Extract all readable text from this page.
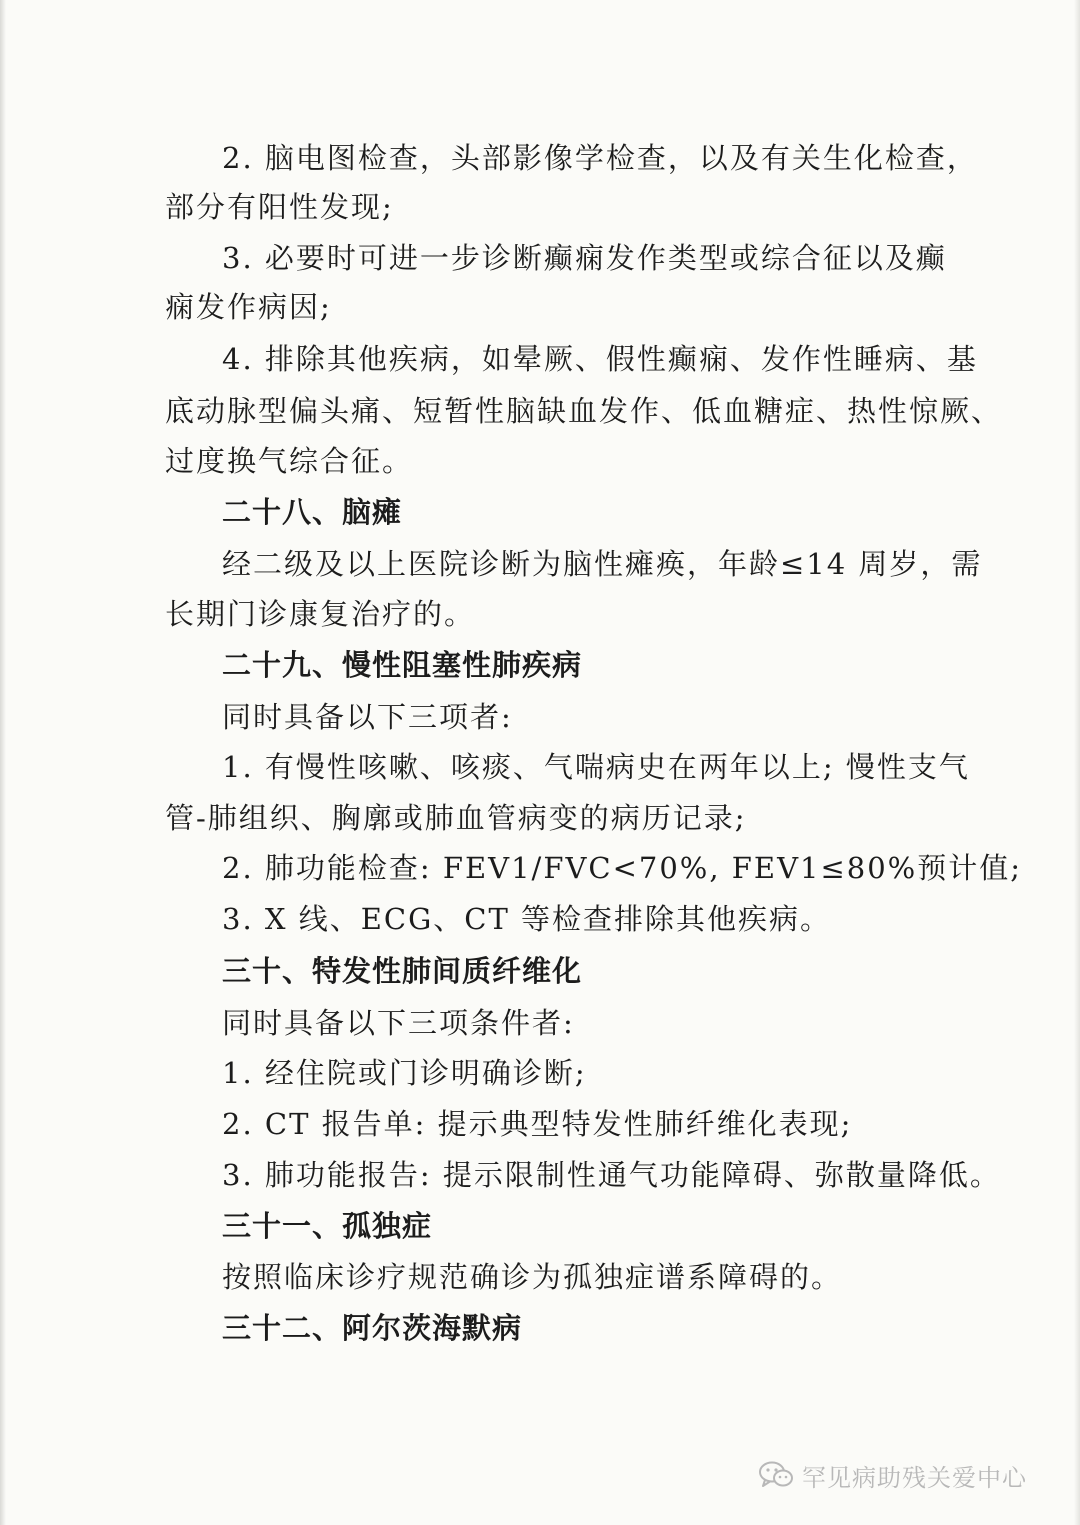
2. 脑电图检查，头部影像学检查，以及有关生化检查，
部分有阳性发现;
3. 必要时可进一步诊断癫痫发作类型或综合征以及癫
痫发作病因;
4. 排除其他疾病，如晕厥、假性癫痫、发作性睡病、基
底动脉型偏头痛、短暂性脑缺血发作、低血糖症、热性惊厥、
过度换气综合征。
二十八、脑瘫
经二级及以上医院诊断为脑性瘫痪，年龄≤14 周岁，需
长期门诊康复治疗的。
二十九、慢性阻塞性肺疾病
同时具备以下三项者:
1. 有慢性咳嗽、咳痰、气喘病史在两年以上; 慢性支气
管-肺组织、胸廓或肺血管病变的病历记录;
2. 肺功能检查: FEV1/FVC<70%, FEV1≤80%预计值;
3. X 线、ECG、CT 等检查排除其他疾病。
三十、特发性肺间质纤维化
同时具备以下三项条件者:
1. 经住院或门诊明确诊断;
2. CT 报告单: 提示典型特发性肺纤维化表现;
3. 肺功能报告: 提示限制性通气功能障碍、弥散量降低。
三十一、孤独症
按照临床诊疗规范确诊为孤独症谱系障碍的。
三十二、阿尔茨海默病
罕见病助残关爱中心
